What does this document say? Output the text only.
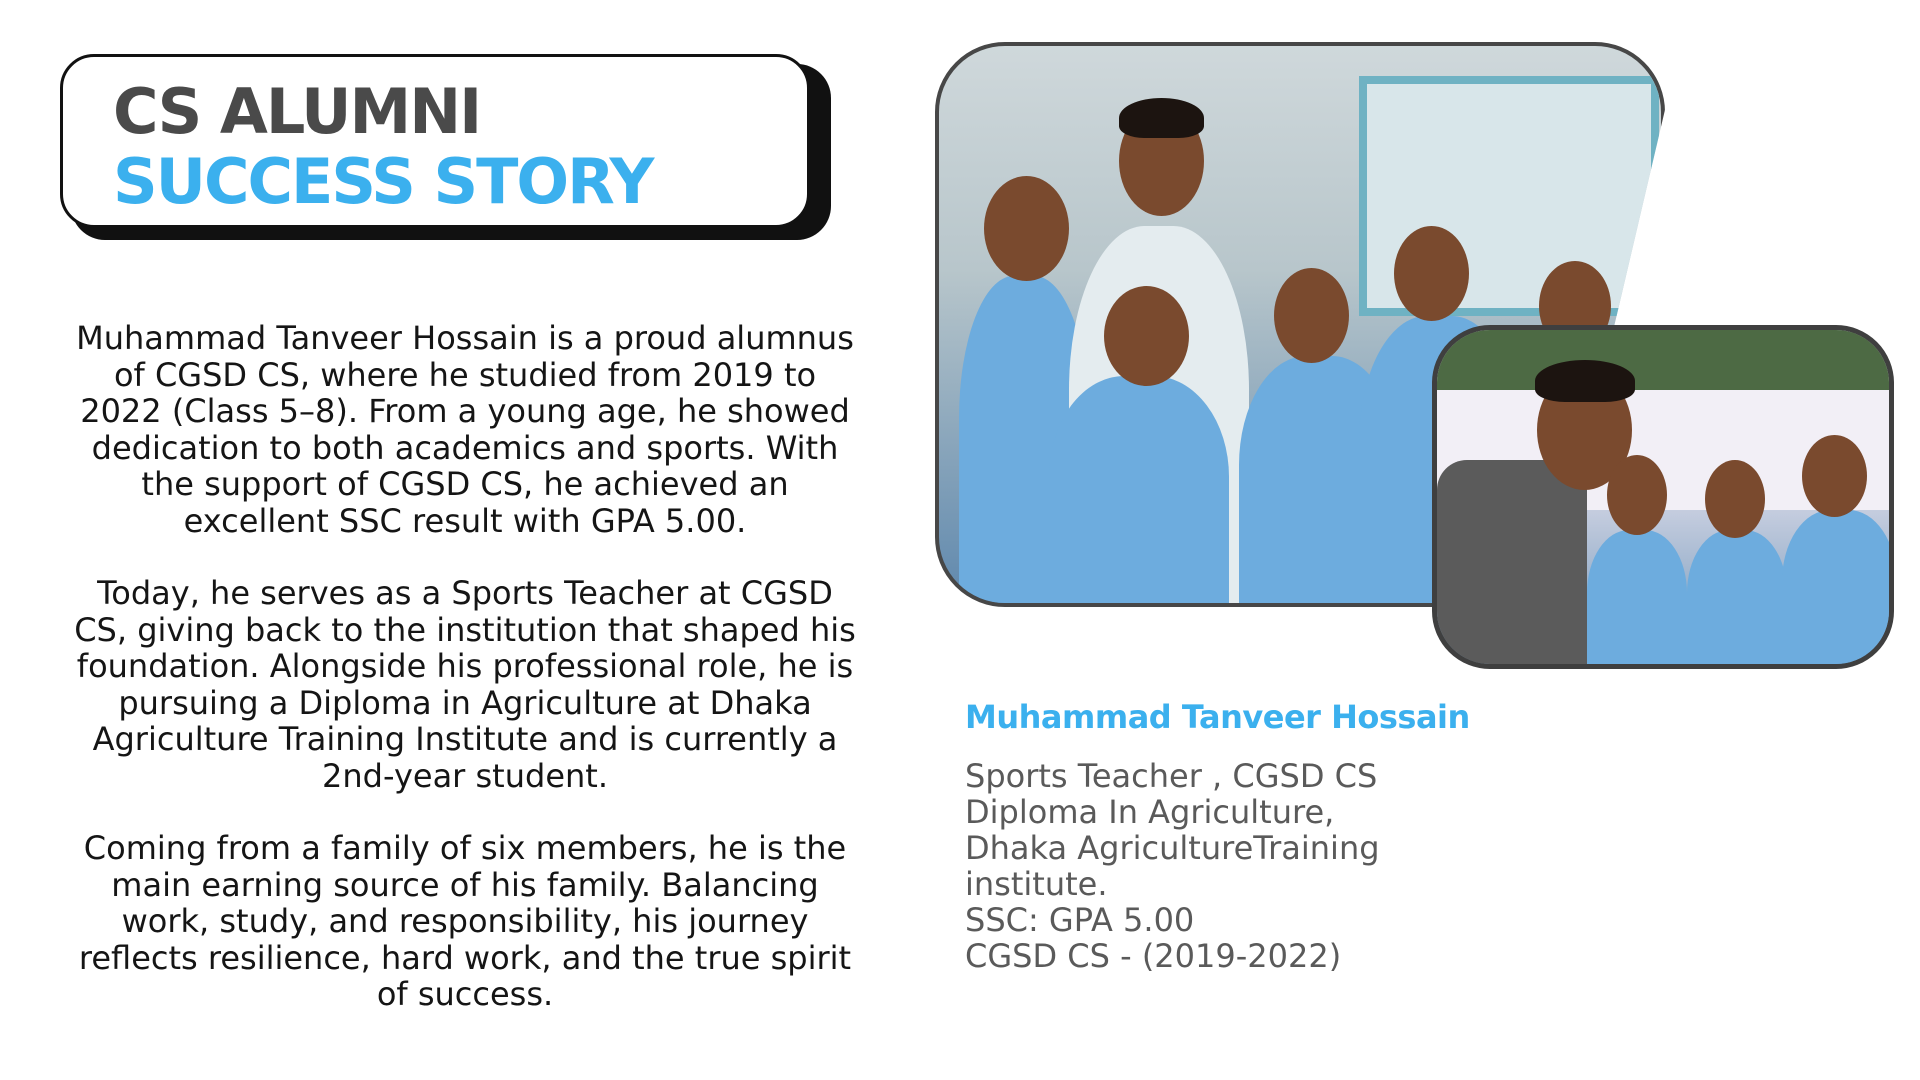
CS ALUMNI
SUCCESS STORY

Muhammad Tanveer Hossain is a proud alumnus of CGSD CS, where he studied from 2019 to 2022 (Class 5–8). From a young age, he showed dedication to both academics and sports. With the support of CGSD CS, he achieved an excellent SSC result with GPA 5.00.

Today, he serves as a Sports Teacher at CGSD CS, giving back to the institution that shaped his foundation. Alongside his professional role, he is pursuing a Diploma in Agriculture at Dhaka Agriculture Training Institute and is currently a 2nd-year student.

Coming from a family of six members, he is the main earning source of his family. Balancing work, study, and responsibility, his journey reflects resilience, hard work, and the true spirit of success.

Muhammad Tanveer Hossain
Sports Teacher , CGSD CS
Diploma In Agriculture,
Dhaka AgricultureTraining
institute.
SSC: GPA 5.00
CGSD CS - (2019-2022)
